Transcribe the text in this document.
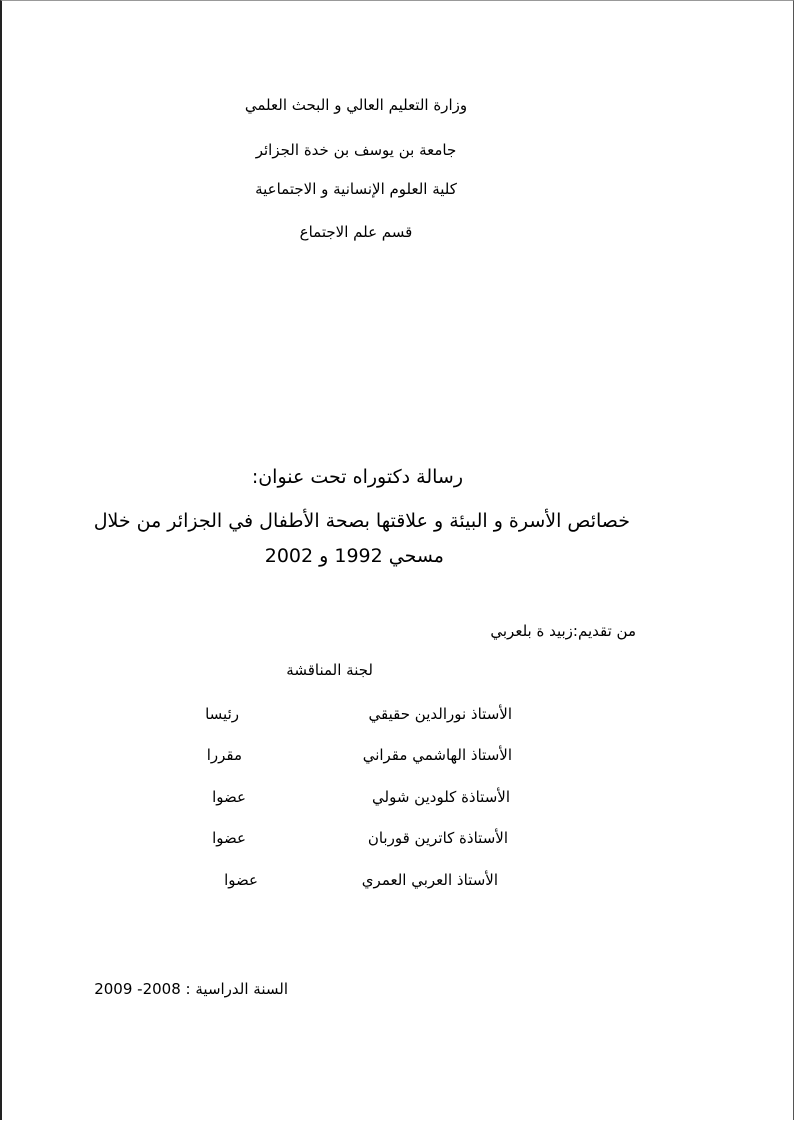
وزارة التعليم العالي و البحث العلمي
جامعة بن يوسف بن خدة الجزائر
كلية العلوم الإنسانية و الاجتماعية
قسم علم الاجتماع
رسالة دكتوراه تحت عنوان:
خصائص الأسرة و البيئة و علاقتها بصحة الأطفال في الجزائر من خلال
مسحي 1992 و 2002
من تقديم:زبيد ة بلعربي
لجنة المناقشة
الأستاذ نورالدين حقيقي
رئيسا
الأستاذ الهاشمي مقراني
مقررا
الأستاذة كلودين شولي
عضوا
الأستاذة كاترين قوربان
عضوا
الأستاذ العربي العمري
عضوا
السنة الدراسية : 2008- 2009
